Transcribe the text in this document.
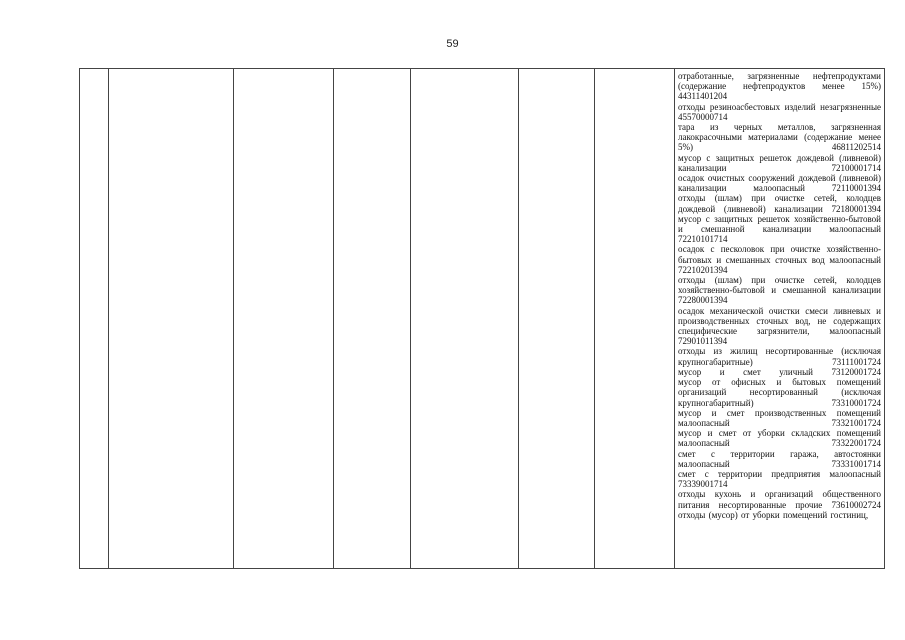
59

отработанные, загрязненные нефтепродуктами (содержание нефтепродуктов менее 15%) 44311401204
отходы резиноасбестовых изделий незагрязненные 45570000714
тара из черных металлов, загрязненная лакокрасочными материалами (содержание менее 5%) 46811202514
мусор с защитных решеток дождевой (ливневой) канализации 72100001714
осадок очистных сооружений дождевой (ливневой) канализации малоопасный 72110001394
отходы (шлам) при очистке сетей, колодцев дождевой (ливневой) канализации 72180001394
мусор с защитных решеток хозяйственно-бытовой и смешанной канализации малоопасный 72210101714
осадок с песколовок при очистке хозяйственно-бытовых и смешанных сточных вод малоопасный 72210201394
отходы (шлам) при очистке сетей, колодцев хозяйственно-бытовой и смешанной канализации 72280001394
осадок механической очистки смеси ливневых и производственных сточных вод, не содержащих специфические загрязнители, малоопасный 72901011394
отходы из жилищ несортированные (исключая крупногабаритные) 73111001724
мусор и смет уличный 73120001724
мусор от офисных и бытовых помещений организаций несортированный (исключая крупногабаритный) 73310001724
мусор и смет производственных помещений малоопасный 73321001724
мусор и смет от уборки складских помещений малоопасный 73322001724
смет с территории гаража, автостоянки малоопасный 73331001714
смет с территории предприятия малоопасный 73339001714
отходы кухонь и организаций общественного питания несортированные прочие 73610002724
отходы (мусор) от уборки помещений гостиниц,
